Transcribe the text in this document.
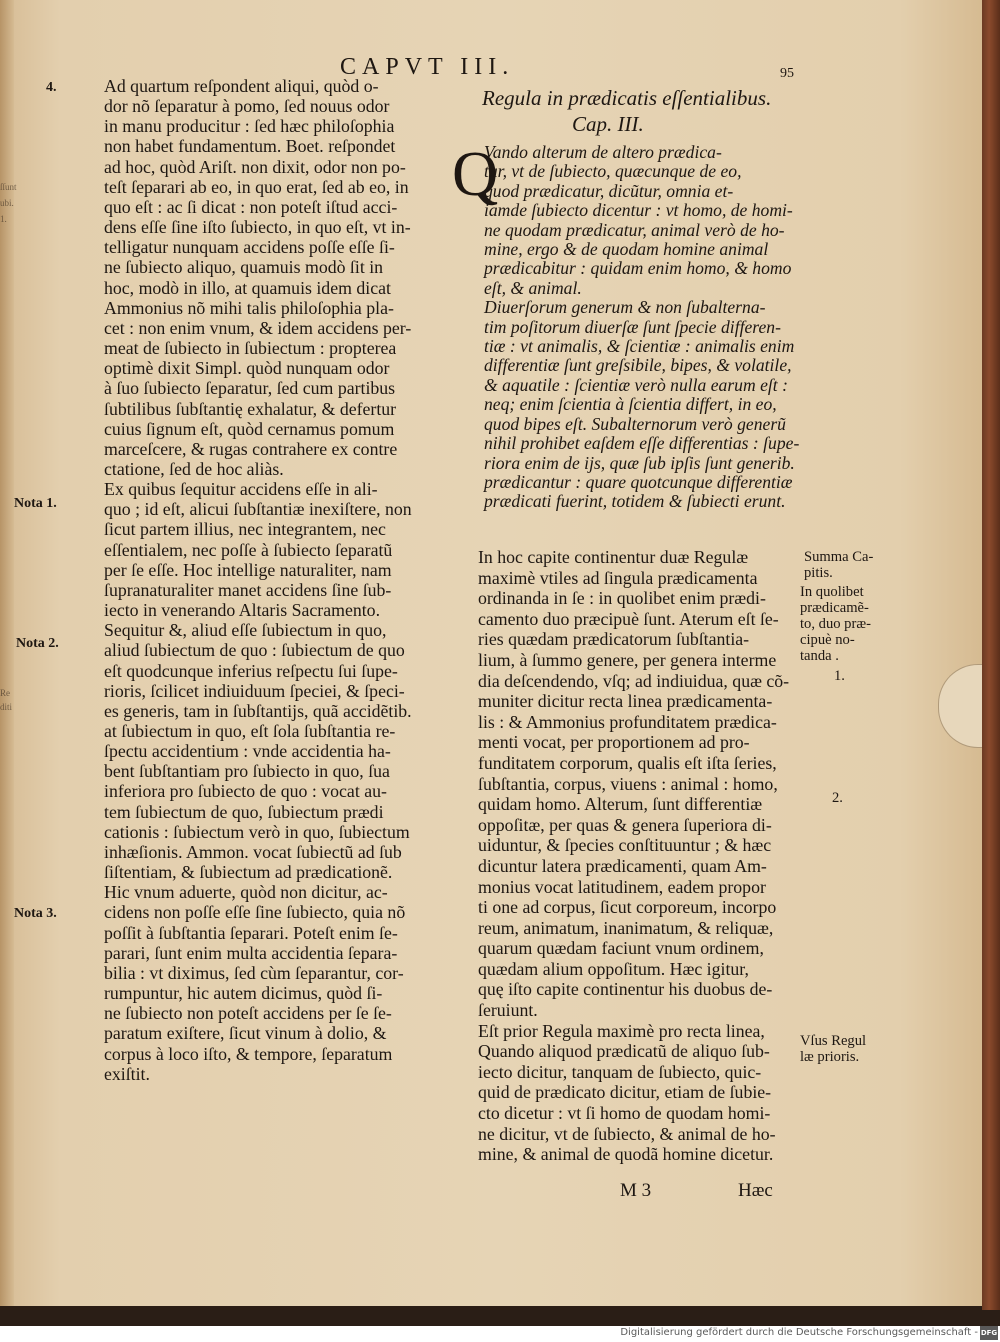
ſſunt
ubi.
1.
Re
diti
CAPVT III.	95
4.
Nota 1.
Nota 2.
Nota 3.
Ad quartum reſpondent aliqui, quòd o-
dor nõ ſeparatur à pomo, ſed nouus odor
in manu producitur : ſed hæc philoſophia
non habet fundamentum. Boet. reſpondet
ad hoc, quòd Ariſt. non dixit, odor non po-
teſt ſeparari ab eo, in quo erat, ſed ab eo, in
quo eſt : ac ſi dicat : non poteſt iſtud acci-
dens eſſe ſine iſto ſubiecto, in quo eſt, vt in-
telligatur nunquam accidens poſſe eſſe ſi-
ne ſubiecto aliquo, quamuis modò ſit in
hoc, modò in illo, at quamuis idem dicat
Ammonius nõ mihi talis philoſophia pla-
cet : non enim vnum, & idem accidens per-
meat de ſubiecto in ſubiectum : propterea
optimè dixit Simpl. quòd nunquam odor
à ſuo ſubiecto ſeparatur, ſed cum partibus
ſubtilibus ſubſtantię exhalatur, & defertur
cuius ſignum eſt, quòd cernamus pomum
marceſcere, & rugas contrahere ex contre
ctatione, ſed de hoc aliàs.
Ex quibus ſequitur accidens eſſe in ali-
quo ; id eſt, alicui ſubſtantiæ inexiſtere, non
ſicut partem illius, nec integrantem, nec
eſſentialem, nec poſſe à ſubiecto ſeparatũ
per ſe eſſe. Hoc intellige naturaliter, nam
ſupranaturaliter manet accidens ſine ſub-
iecto in venerando Altaris Sacramento.
Sequitur &, aliud eſſe ſubiectum in quo,
aliud ſubiectum de quo : ſubiectum de quo
eſt quodcunque inferius reſpectu ſui ſupe-
rioris, ſcilicet indiuiduum ſpeciei, & ſpeci-
es generis, tam in ſubſtantijs, quã accidẽtib.
at ſubiectum in quo, eſt ſola ſubſtantia re-
ſpectu accidentium : vnde accidentia ha-
bent ſubſtantiam pro ſubiecto in quo, ſua
inferiora pro ſubiecto de quo : vocat au-
tem ſubiectum de quo, ſubiectum prædi
cationis : ſubiectum verò in quo, ſubiectum
inhæſionis. Ammon. vocat ſubiectũ ad ſub
ſiſtentiam, & ſubiectum ad prædicationẽ.
Hic vnum aduerte, quòd non dicitur, ac-
cidens non poſſe eſſe ſine ſubiecto, quia nõ
poſſit à ſubſtantia ſeparari. Poteſt enim ſe-
parari, ſunt enim multa accidentia ſepara-
bilia : vt diximus, ſed cùm ſeparantur, cor-
rumpuntur, hic autem dicimus, quòd ſi-
ne ſubiecto non poteſt accidens per ſe ſe-
paratum exiſtere, ſicut vinum à dolio, &
corpus à loco iſto, & tempore, ſeparatum
exiſtit.
Regula in prædicatis eſſentialibus.
Cap. III.
Q
Vando alterum de altero prædica-
tur, vt de ſubiecto, quæcunque de eo,
quod prædicatur, dicũtur, omnia et-
iamde ſubiecto dicentur : vt homo, de homi-
ne quodam prædicatur, animal verò de ho-
mine, ergo & de quodam homine animal
prædicabitur : quidam enim homo, & homo
eſt, & animal.
Diuerſorum generum & non ſubalterna-
tim poſitorum diuerſæ ſunt ſpecie differen-
tiæ : vt animalis, & ſcientiæ : animalis enim
differentiæ ſunt greſsibile, bipes, & volatile,
& aquatile : ſcientiæ verò nulla earum eſt :
neq; enim ſcientia à ſcientia differt, in eo,
quod bipes eſt. Subalternorum verò generũ
nihil prohibet eaſdem eſſe differentias : ſupe-
riora enim de ijs, quæ ſub ipſis ſunt generib.
prædicantur : quare quotcunque differentiæ
prædicati fuerint, totidem & ſubiecti erunt.
In hoc capite continentur duæ Regulæ
maximè vtiles ad ſingula prædicamenta
ordinanda in ſe : in quolibet enim prædi-
camento duo præcipuè ſunt. Aterum eſt ſe-
ries quædam prædicatorum ſubſtantia-
lium, à ſummo genere, per genera interme
dia deſcendendo, vſq; ad indiuidua, quæ cõ-
muniter dicitur recta linea prædicamenta-
lis : & Ammonius profunditatem prædica-
menti vocat, per proportionem ad pro-
funditatem corporum, qualis eſt iſta ſeries,
ſubſtantia, corpus, viuens : animal : homo,
quidam homo. Alterum, ſunt differentiæ
oppoſitæ, per quas & genera ſuperiora di-
uiduntur, & ſpecies conſtituuntur ; & hæc
dicuntur latera prædicamenti, quam Am-
monius vocat latitudinem, eadem propor
ti one ad corpus, ſicut corporeum, incorpo
reum, animatum, inanimatum, & reliquæ,
quarum quædam faciunt vnum ordinem,
quædam alium oppoſitum. Hæc igitur,
quę iſto capite continentur his duobus de-
ſeruiunt.
Eſt prior Regula maximè pro recta linea,
Quando aliquod prædicatũ de aliquo ſub-
iecto dicitur, tanquam de ſubiecto, quic-
quid de prædicato dicitur, etiam de ſubie-
cto dicetur : vt ſi homo de quodam homi-
ne dicitur, vt de ſubiecto, & animal de ho-
mine, & animal de quodã homine dicetur.
Summa Ca-
pitis.
In quolibet
prædicamẽ-
to, duo præ-
cipuè no-
tanda .
1.
2.
Vſus Regul
læ prioris.
M 3	Hæc
Digitalisierung gefördert durch die Deutsche Forschungsgemeinschaft - DFG
